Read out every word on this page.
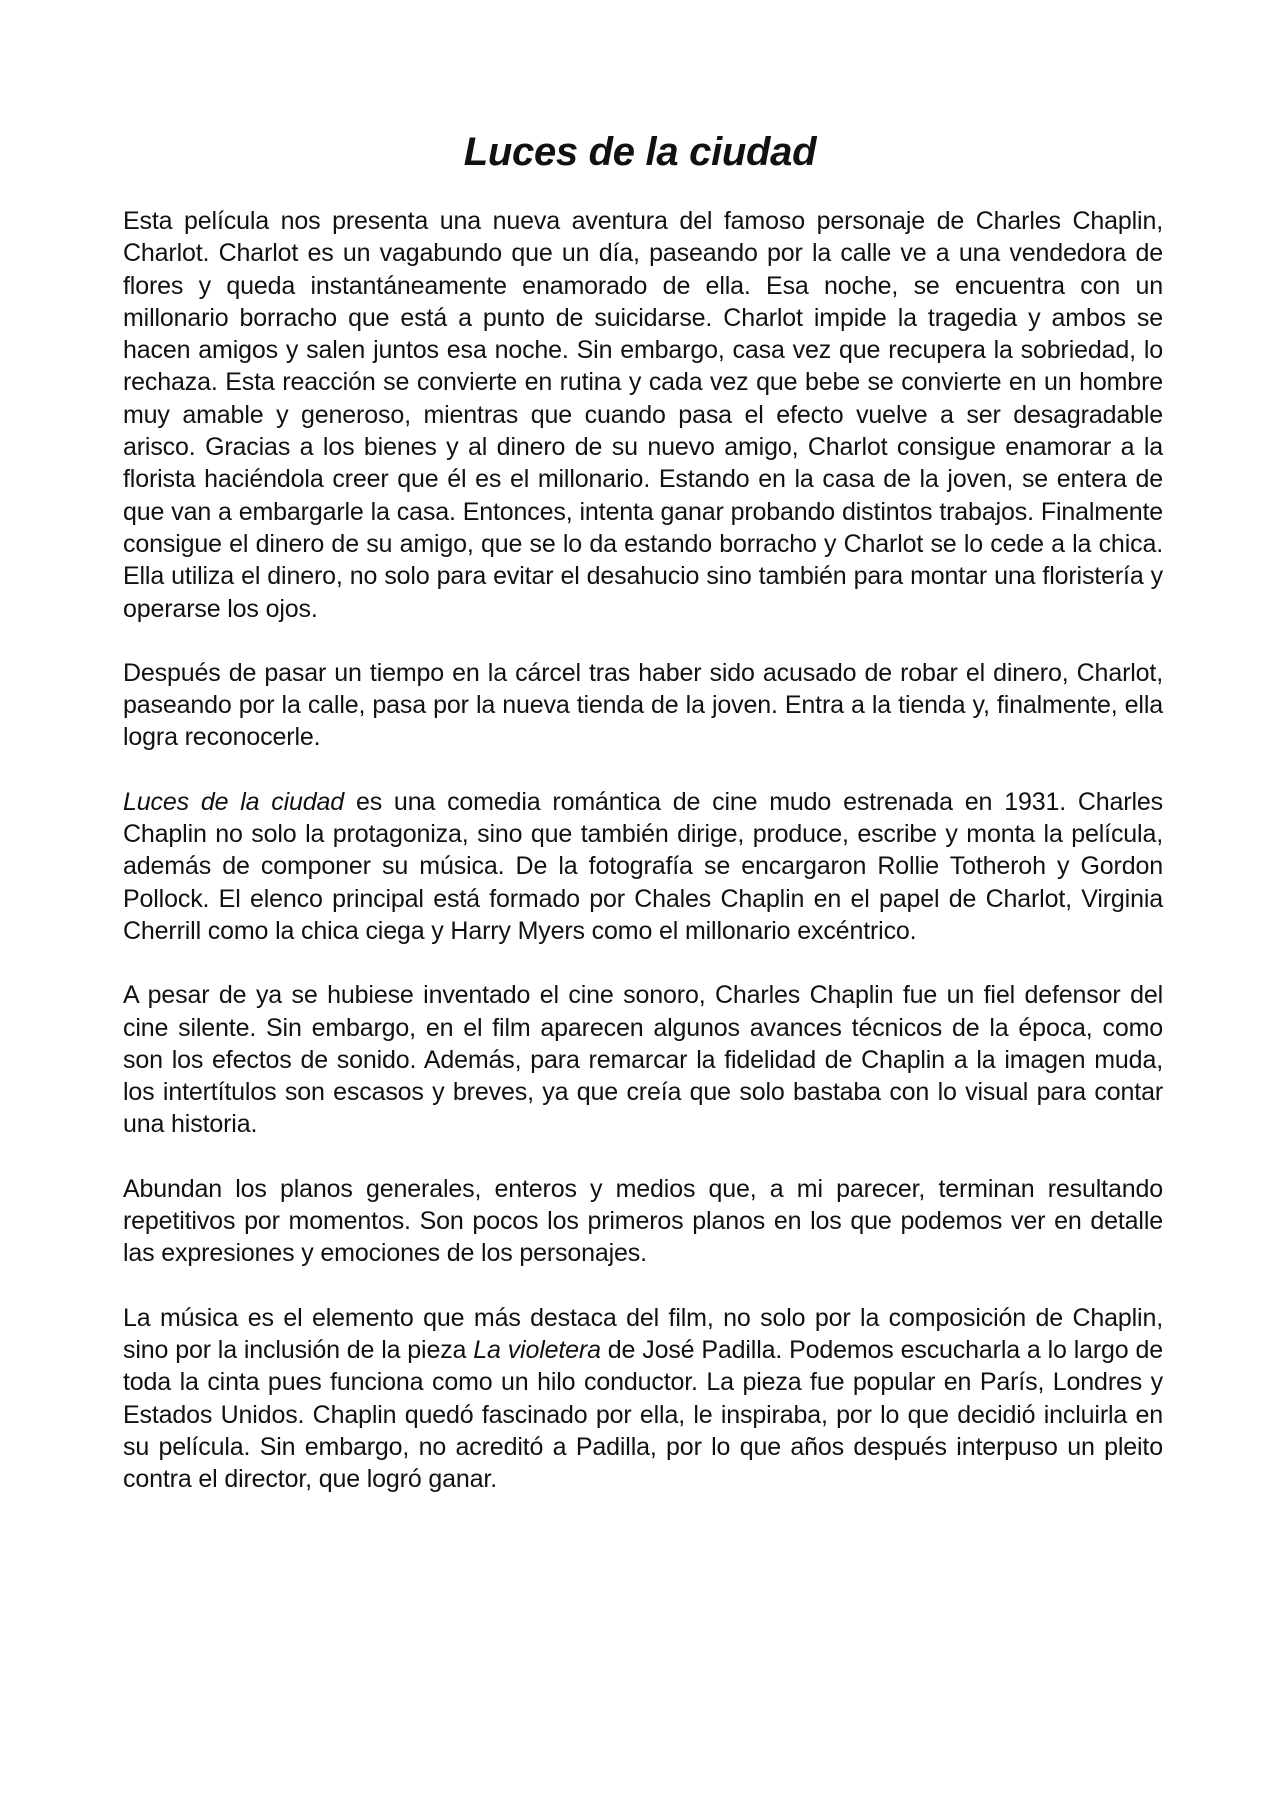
Luces de la ciudad

Esta película nos presenta una nueva aventura del famoso personaje de Charles Chaplin, Charlot. Charlot es un vagabundo que un día, paseando por la calle ve a una vendedora de flores y queda instantáneamente enamorado de ella. Esa noche, se encuentra con un millonario borracho que está a punto de suicidarse. Charlot impide la tragedia y ambos se hacen amigos y salen juntos esa noche. Sin embargo, casa vez que recupera la sobriedad, lo rechaza. Esta reacción se convierte en rutina y cada vez que bebe se convierte en un hombre muy amable y generoso, mientras que cuando pasa el efecto vuelve a ser desagradable arisco. Gracias a los bienes y al dinero de su nuevo amigo, Charlot consigue enamorar a la florista haciéndola creer que él es el millonario. Estando en la casa de la joven, se entera de que van a embargarle la casa. Entonces, intenta ganar probando distintos trabajos. Finalmente consigue el dinero de su amigo, que se lo da estando borracho y Charlot se lo cede a la chica. Ella utiliza el dinero, no solo para evitar el desahucio sino también para montar una floristería y operarse los ojos.

Después de pasar un tiempo en la cárcel tras haber sido acusado de robar el dinero, Charlot, paseando por la calle, pasa por la nueva tienda de la joven. Entra a la tienda y, finalmente, ella logra reconocerle.

Luces de la ciudad es una comedia romántica de cine mudo estrenada en 1931. Charles Chaplin no solo la protagoniza, sino que también dirige, produce, escribe y monta la película, además de componer su música. De la fotografía se encargaron Rollie Totheroh y Gordon Pollock. El elenco principal está formado por Chales Chaplin en el papel de Charlot, Virginia Cherrill como la chica ciega y Harry Myers como el millonario excéntrico.

A pesar de ya se hubiese inventado el cine sonoro, Charles Chaplin fue un fiel defensor del cine silente. Sin embargo, en el film aparecen algunos avances técnicos de la época, como son los efectos de sonido. Además, para remarcar la fidelidad de Chaplin a la imagen muda, los intertítulos son escasos y breves, ya que creía que solo bastaba con lo visual para contar una historia.

Abundan los planos generales, enteros y medios que, a mi parecer, terminan resultando repetitivos por momentos. Son pocos los primeros planos en los que podemos ver en detalle las expresiones y emociones de los personajes.

La música es el elemento que más destaca del film, no solo por la composición de Chaplin, sino por la inclusión de la pieza La violetera de José Padilla. Podemos escucharla a lo largo de toda la cinta pues funciona como un hilo conductor. La pieza fue popular en París, Londres y Estados Unidos. Chaplin quedó fascinado por ella, le inspiraba, por lo que decidió incluirla en su película. Sin embargo, no acreditó a Padilla, por lo que años después interpuso un pleito contra el director, que logró ganar.
